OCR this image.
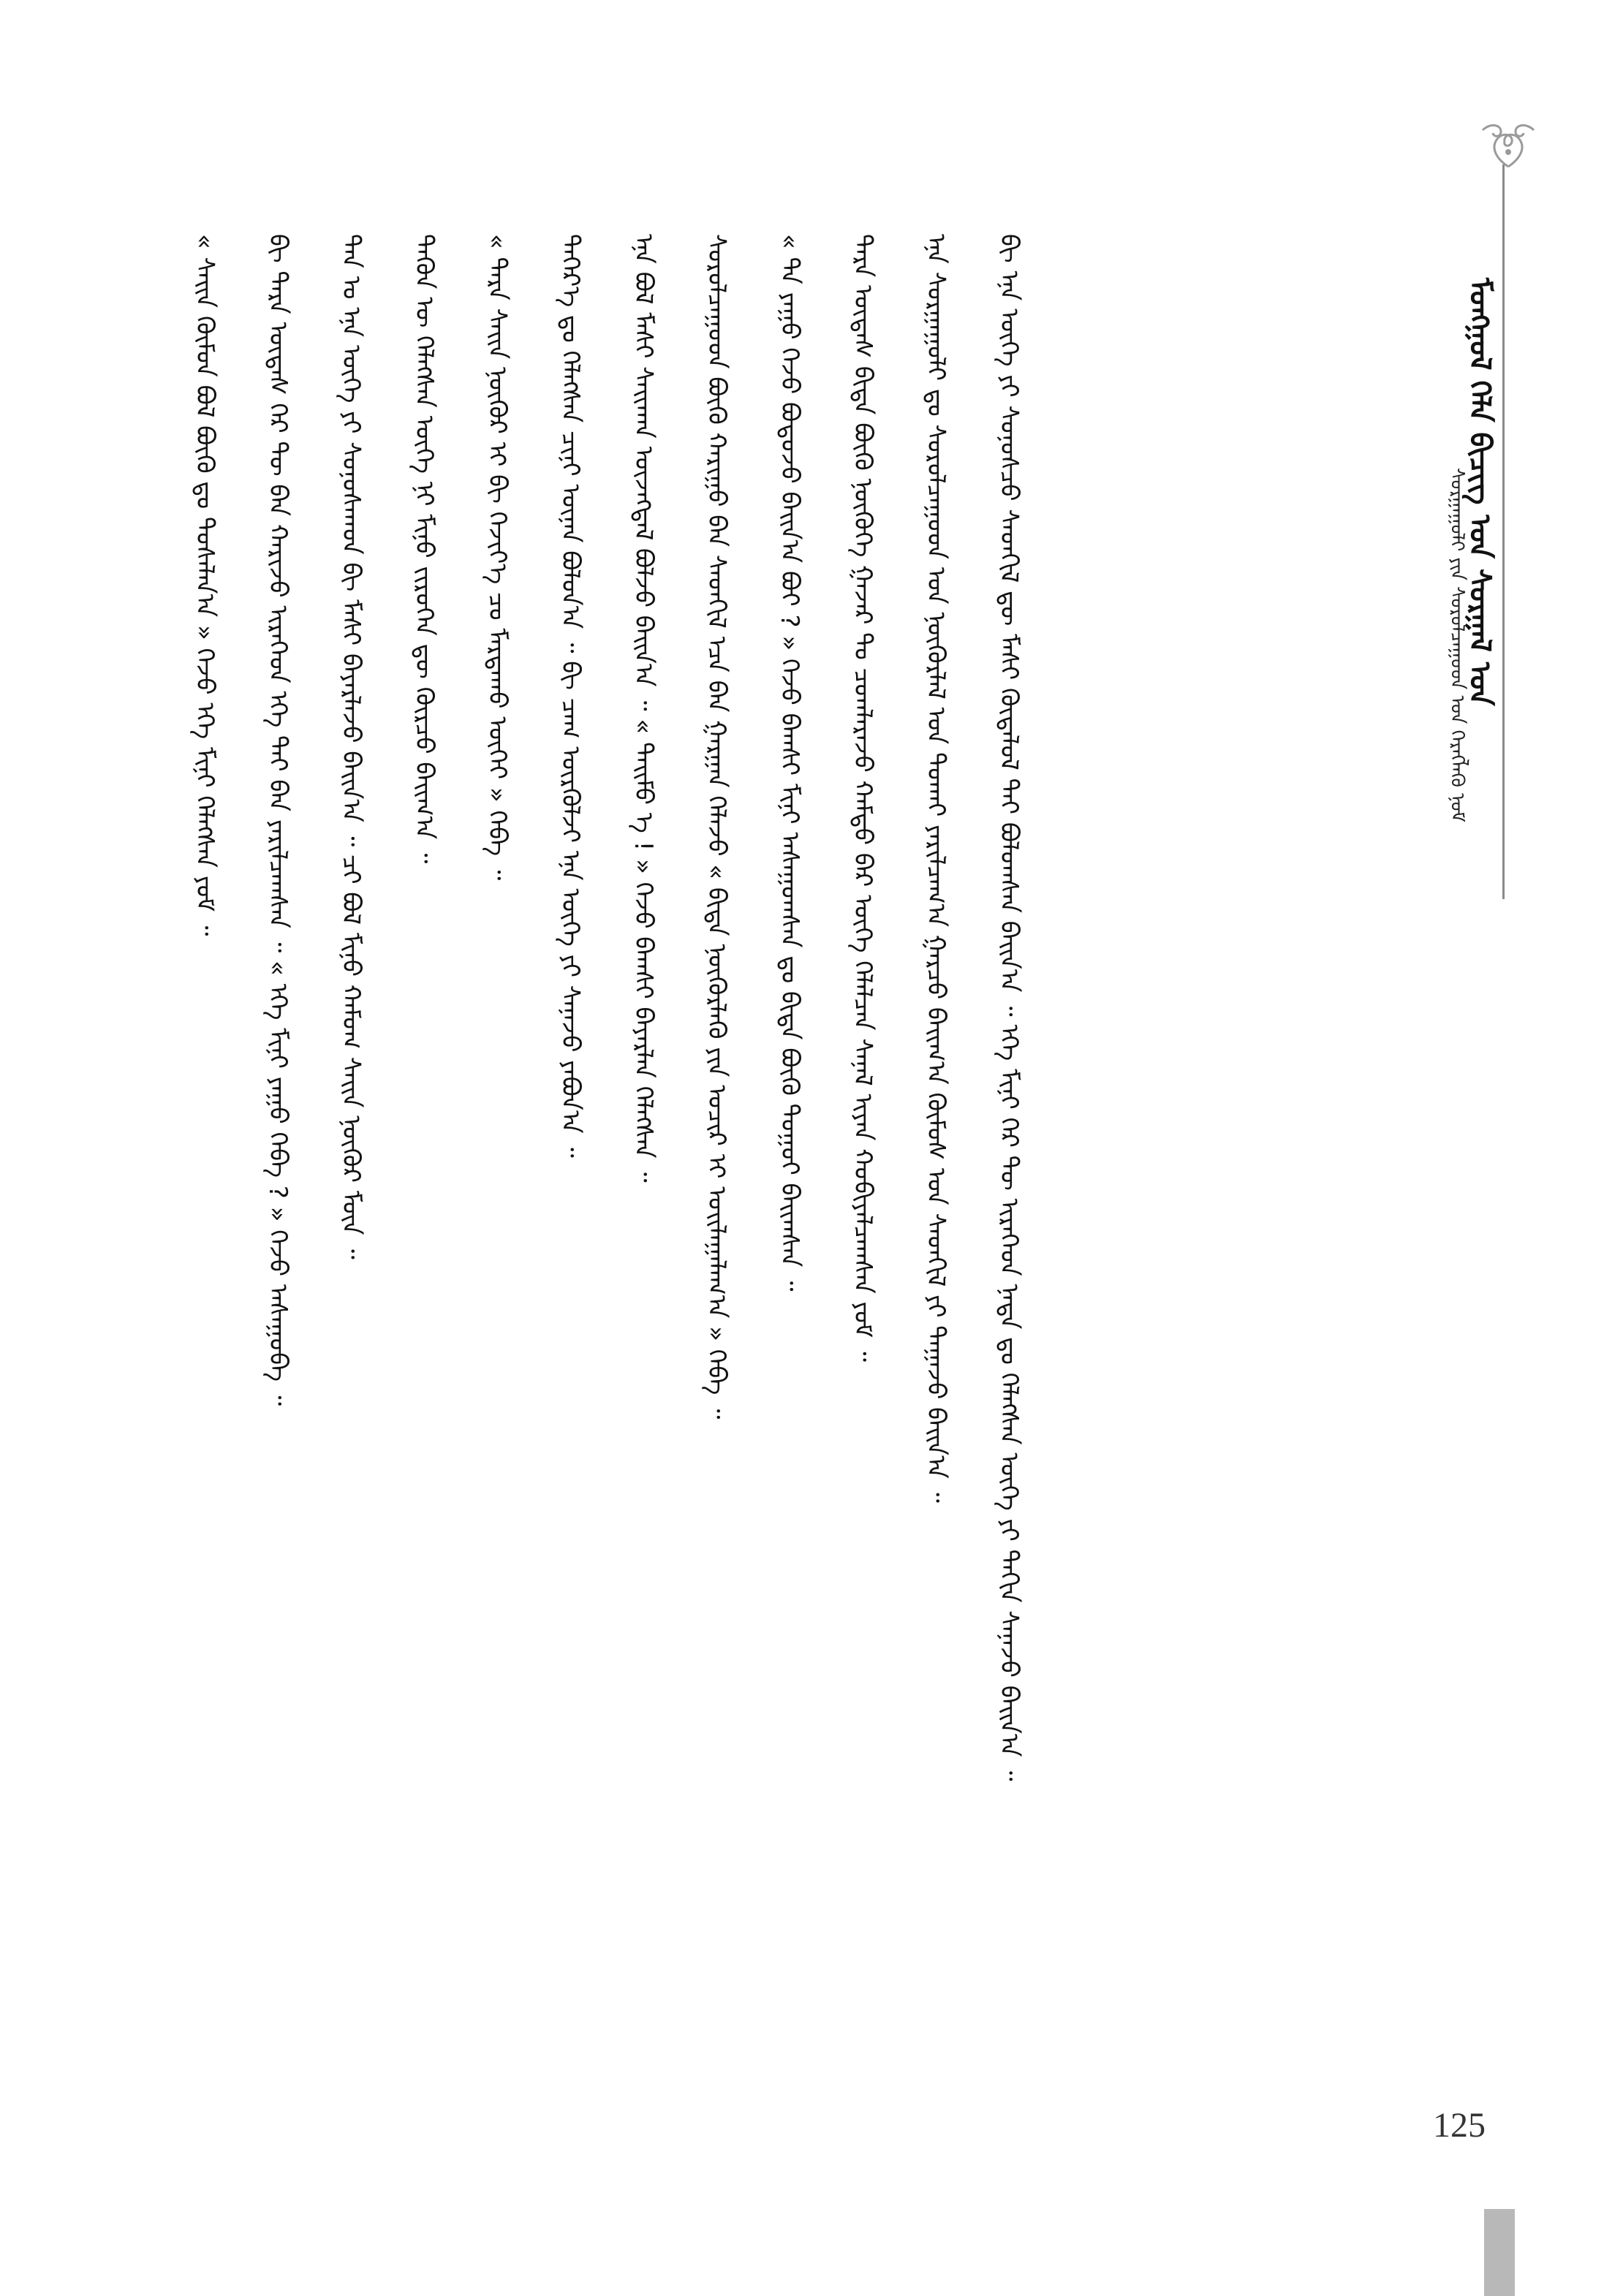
ᠮᠣᠩᠭᠣᠯ ᠬᠡᠯᠡ ᠪᠢᠴᠢᠭ ᠤᠨ ᠰᠤᠷᠭᠠᠯ ᠤᠨ
ᠰᠤᠷᠭᠠᠭᠤᠯᠢ ᠶᠢᠨ ᠰᠤᠷᠤᠯᠴᠠᠭᠤᠳ ᠤᠨ ᠬᠡᠷᠡᠭᠯᠡᠬᠦ ᠨᠣᠮ
ᠪᠢ ᠡᠨᠡ ᠦᠭᠡ ᠶᠢ ᠰᠣᠨᠣᠰᠴᠤ ᠰᠡᠳᠬᠢᠯ ᠳᠦ ᠮᠠᠰᠢ ᠬᠥᠳᠡᠯᠦᠯ ᠲᠡᠢ ᠪᠣᠯᠤᠭᠰᠠᠨ ᠪᠠᠢᠨ᠎ᠠ ᠃ ᠡᠬᠡ ᠮᠢᠨᠢ ᠭᠡᠷ ᠲᠦ ᠢᠷᠡᠭᠡᠳ ᠨᠠᠳᠠ ᠳᠤ ᠬᠡᠯᠡᠭᠰᠡᠨ ᠦᠭᠡ ᠶᠢ ᠳᠠᠬᠢᠨ ᠰᠠᠨᠠᠵᠤ ᠪᠠᠢᠨ᠎ᠠ ᠃
ᠡᠨᠡ ᠰᠤᠷᠭᠠᠭᠤᠯᠢ ᠳᠤ ᠰᠤᠷᠤᠯᠴᠠᠭᠤᠳ ᠤᠨ ᠨᠥᠬᠦᠷᠯᠡᠯ ᠤᠨ ᠲᠤᠬᠠᠢ ᠶᠠᠷᠢᠯᠴᠠᠭ᠎ᠠ ᠭᠠᠷᠴᠤ ᠪᠠᠢᠭ᠎ᠠ ᠬᠥᠮᠦᠰ ᠤᠨ ᠰᠡᠳᠬᠢᠯ ᠶᠢ ᠳᠠᠭᠠᠵᠤ ᠪᠠᠢᠨ᠎ᠠ ᠃
ᠲᠡᠷᠡ ᠦᠳᠡᠰ ᠪᠢᠳᠡ ᠪᠦᠬᠦ ᠨᠥᠭᠦᠭᠡ ᠭᠠᠵᠠᠷ ᠲᠤ ᠴᠤᠭᠯᠠᠷᠠᠵᠤ ᠬᠠᠮᠲᠤ ᠪᠡᠷ ᠦᠭᠡ ᠬᠡᠯᠡᠯᠴᠡᠨ ᠰᠠᠨᠠᠯ ᠢᠶᠠᠨ ᠬᠤᠪᠢᠶᠠᠯᠴᠠᠭᠰᠠᠨ ᠶᠤᠮ ᠃
« ᠲᠠ ᠶᠠᠭᠤ ᠭᠡᠵᠦ ᠪᠣᠳᠤᠵᠤ ᠪᠠᠢᠨ᠎ᠠ ᠪᠤᠢ ? » ᠭᠡᠵᠦ ᠪᠠᠭᠰᠢ ᠮᠢᠨᠢ ᠠᠰᠠᠭᠤᠭᠰᠠᠨ ᠳᠤ ᠪᠢᠳᠡ ᠪᠦᠬᠦ ᠳᠤᠭᠤᠢ ᠪᠠᠢᠭᠰᠠᠨ ᠃
ᠰᠤᠷᠤᠯᠴᠠᠭᠤᠳ ᠪᠦᠬᠦ ᠬᠠᠷᠢᠭᠤ ᠪᠡᠨ ᠰᠡᠳᠬᠢᠯ ᠡᠴᠡ ᠪᠡᠨ ᠭᠠᠷᠭᠠᠨ ᠬᠡᠯᠡᠵᠦ « ᠪᠢᠳᠡ ᠨᠥᠬᠦᠷᠯᠡᠬᠦ ᠶᠢᠨ ᠤᠴᠢᠷ ᠢ ᠣᠢᠯᠠᠭᠠᠯᠠᠭ᠎ᠠ » ᠭᠡᠪᠡ ᠃
ᠡᠨᠡ ᠪᠣᠯ ᠮᠠᠰᠢ ᠰᠠᠢᠬᠠᠨ ᠦᠵᠡᠭᠳᠡᠯ ᠪᠣᠯᠵᠤ ᠪᠠᠢᠨ᠎ᠠ ᠃ « ᠲᠡᠢᠮᠦ ᠡ ! » ᠭᠡᠵᠦ ᠪᠠᠭᠰᠢ ᠪᠠᠶᠠᠷᠯᠠᠨ ᠬᠡᠯᠡᠭᠰᠡᠨ ᠃
ᠳᠡᠭᠡᠷ᠎ᠡ ᠳᠤ ᠬᠡᠯᠡᠭᠰᠡᠨ ᠴᠢᠨᠢ ᠦᠨᠡᠨ ᠪᠣᠯᠤᠨ᠎ᠠ ᠃ ᠪᠢ ᠴᠠᠭ ᠦᠷᠬᠦᠯᠵᠢ ᠡᠨᠡ ᠦᠭᠡ ᠶᠢ ᠰᠠᠨᠠᠵᠤ ᠶᠠᠪᠤᠨ᠎ᠠ ᠃
« ᠲᠡᠷᠡ ᠰᠠᠢᠨ ᠨᠥᠬᠦᠷ ᠢ ᠪᠢ ᠬᠡᠵᠢᠶ᠎ᠡ ᠴᠤ ᠮᠠᠷᠲᠠᠬᠤ ᠦᠭᠡᠢ » ᠭᠡᠪᠡ ᠃
ᠲᠡᠭᠦᠨ ᠦ ᠬᠡᠯᠡᠭᠰᠡᠨ ᠦᠭᠡ ᠨᠢ ᠮᠢᠨᠦ ᠵᠢᠷᠦᠬᠡᠨ ᠳᠦ ᠬᠦᠷᠴᠦ ᠪᠠᠢᠭ᠎ᠠ ᠃
ᠲᠠᠨ ᠤ ᠡᠨᠡ ᠦᠭᠡ ᠶᠢ ᠰᠣᠨᠣᠰᠬᠠᠳ ᠪᠢ ᠮᠠᠰᠢ ᠪᠠᠶᠠᠷᠯᠠᠵᠤ ᠪᠠᠢᠨ᠎ᠠ ᠃ ᠴᠢ ᠪᠣᠯ ᠮᠢᠨᠦ ᠬᠠᠮᠤᠭ ᠰᠠᠢᠨ ᠨᠥᠬᠦᠷ ᠮᠥᠨ ᠃
ᠪᠢ ᠲᠡᠷᠡ ᠦᠳᠡᠰ ᠭᠡᠷ ᠲᠦ ᠪᠡᠨ ᠬᠠᠷᠢᠵᠤ ᠢᠷᠡᠭᠡᠳ ᠡᠬᠡ ᠲᠡᠢ ᠪᠡᠨ ᠶᠠᠷᠢᠯᠴᠠᠭᠰᠠᠨ ᠃ « ᠡᠬᠡ ᠮᠢᠨᠢ ᠶᠠᠭᠤ ᠭᠡᠪᠡ ? » ᠭᠡᠵᠦ ᠠᠰᠠᠭᠤᠪᠠ ᠃
« ᠰᠠᠢᠨ ᠬᠥᠮᠦᠨ ᠪᠣᠯ ᠪᠦᠬᠦ ᠳᠤ ᠲᠤᠰᠠᠯᠠᠨ᠎ᠠ » ᠭᠡᠵᠦ ᠡᠬᠡ ᠮᠢᠨᠢ ᠬᠡᠯᠡᠭᠰᠡᠨ ᠶᠤᠮ ᠃
125
